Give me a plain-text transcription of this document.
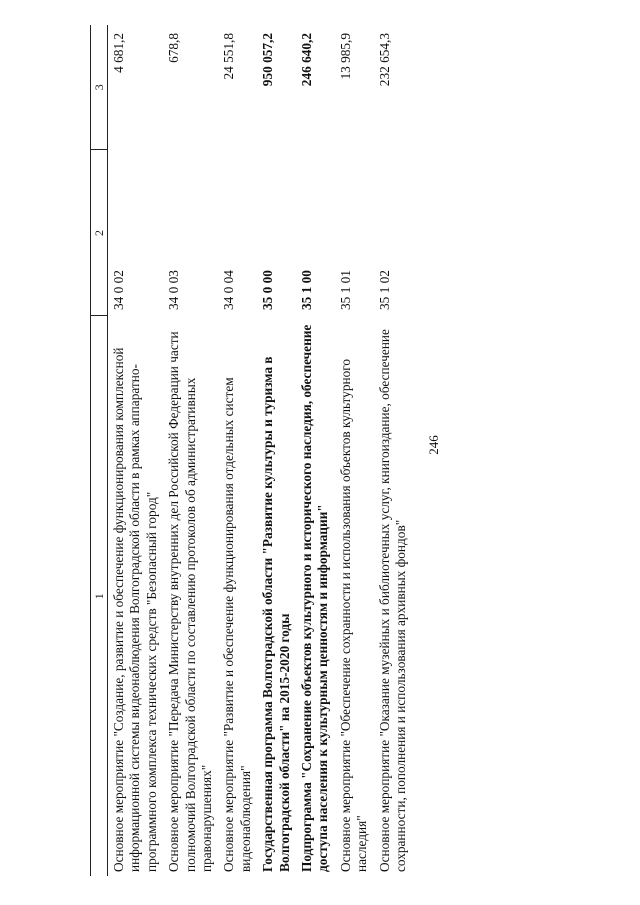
246
1	2	3
Основное мероприятие "Создание, развитие и обеспечение функционирования комплексной информационной системы видеонаблюдения Волгоградской области в рамках аппаратно-программного комплекса технических средств "Безопасный город"	34 0 02	4 681,2
Основное мероприятие "Передача Министерству внутренних дел Российской Федерации части полномочий Волгоградской области по составлению протоколов об административных правонарушениях"	34 0 03	678,8
Основное мероприятие "Развитие и обеспечение функционирования отдельных систем видеонаблюдения"	34 0 04	24 551,8
Государственная программа Волгоградской области "Развитие культуры и туризма в Волгоградской области" на 2015-2020 годы	35 0 00	950 057,2
Подпрограмма "Сохранение объектов культурного и исторического наследия, обеспечение доступа населения к культурным ценностям и информации"	35 1 00	246 640,2
Основное мероприятие "Обеспечение сохранности и использования объектов культурного наследия"	35 1 01	13 985,9
Основное мероприятие "Оказание музейных и библиотечных услуг, книгоиздание, обеспечение сохранности, пополнения и использования архивных фондов"	35 1 02	232 654,3
